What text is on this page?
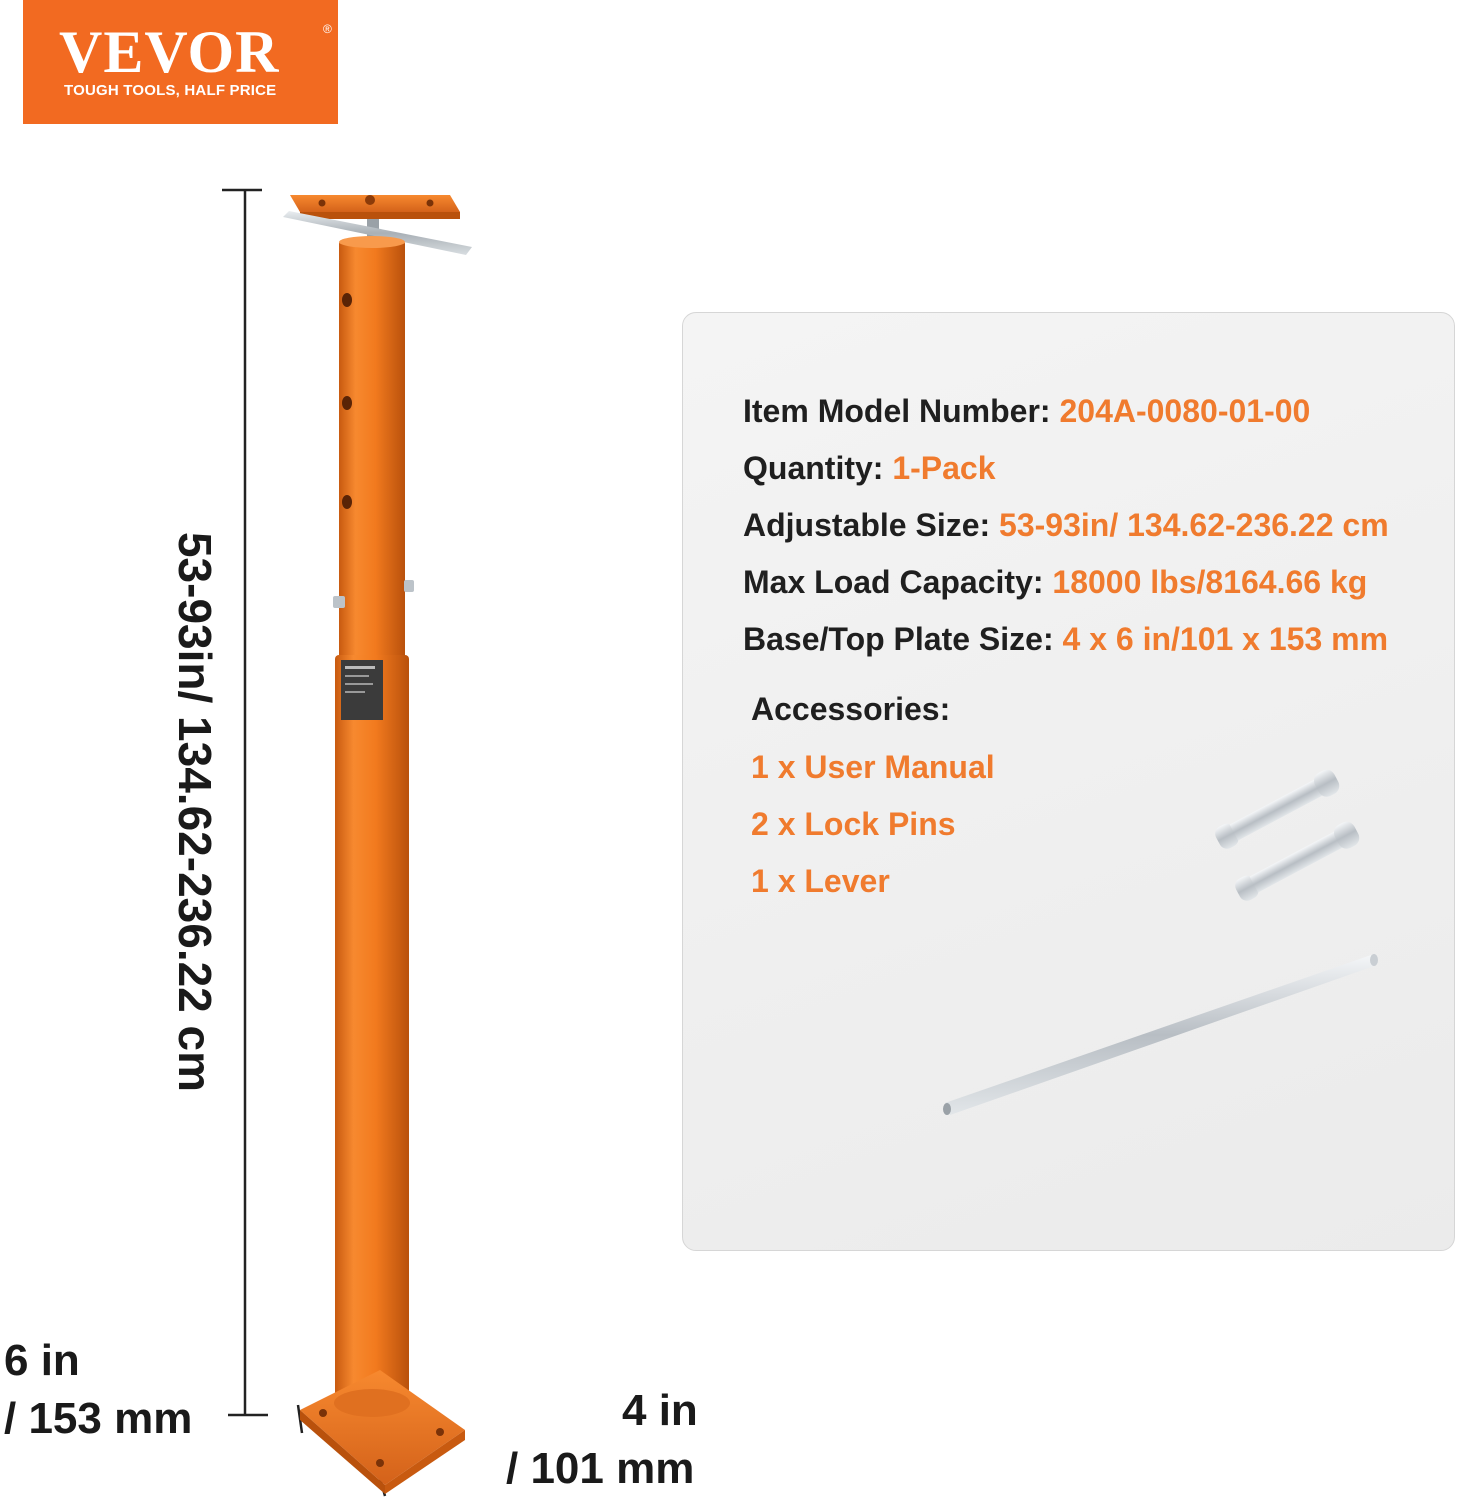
VEVOR	®
TOUGH TOOLS, HALF PRICE
53-93in/ 134.62-236.22 cm
6 in
/ 153 mm	4 in
/ 101 mm
Item Model Number: 204A-0080-01-00
Quantity: 1-Pack
Adjustable Size: 53-93in/ 134.62-236.22 cm
Max Load Capacity: 18000 lbs/8164.66 kg
Base/Top Plate Size: 4 x 6 in/101 x 153 mm
Accessories:
1 x User Manual
2 x Lock Pins
1 x Lever
